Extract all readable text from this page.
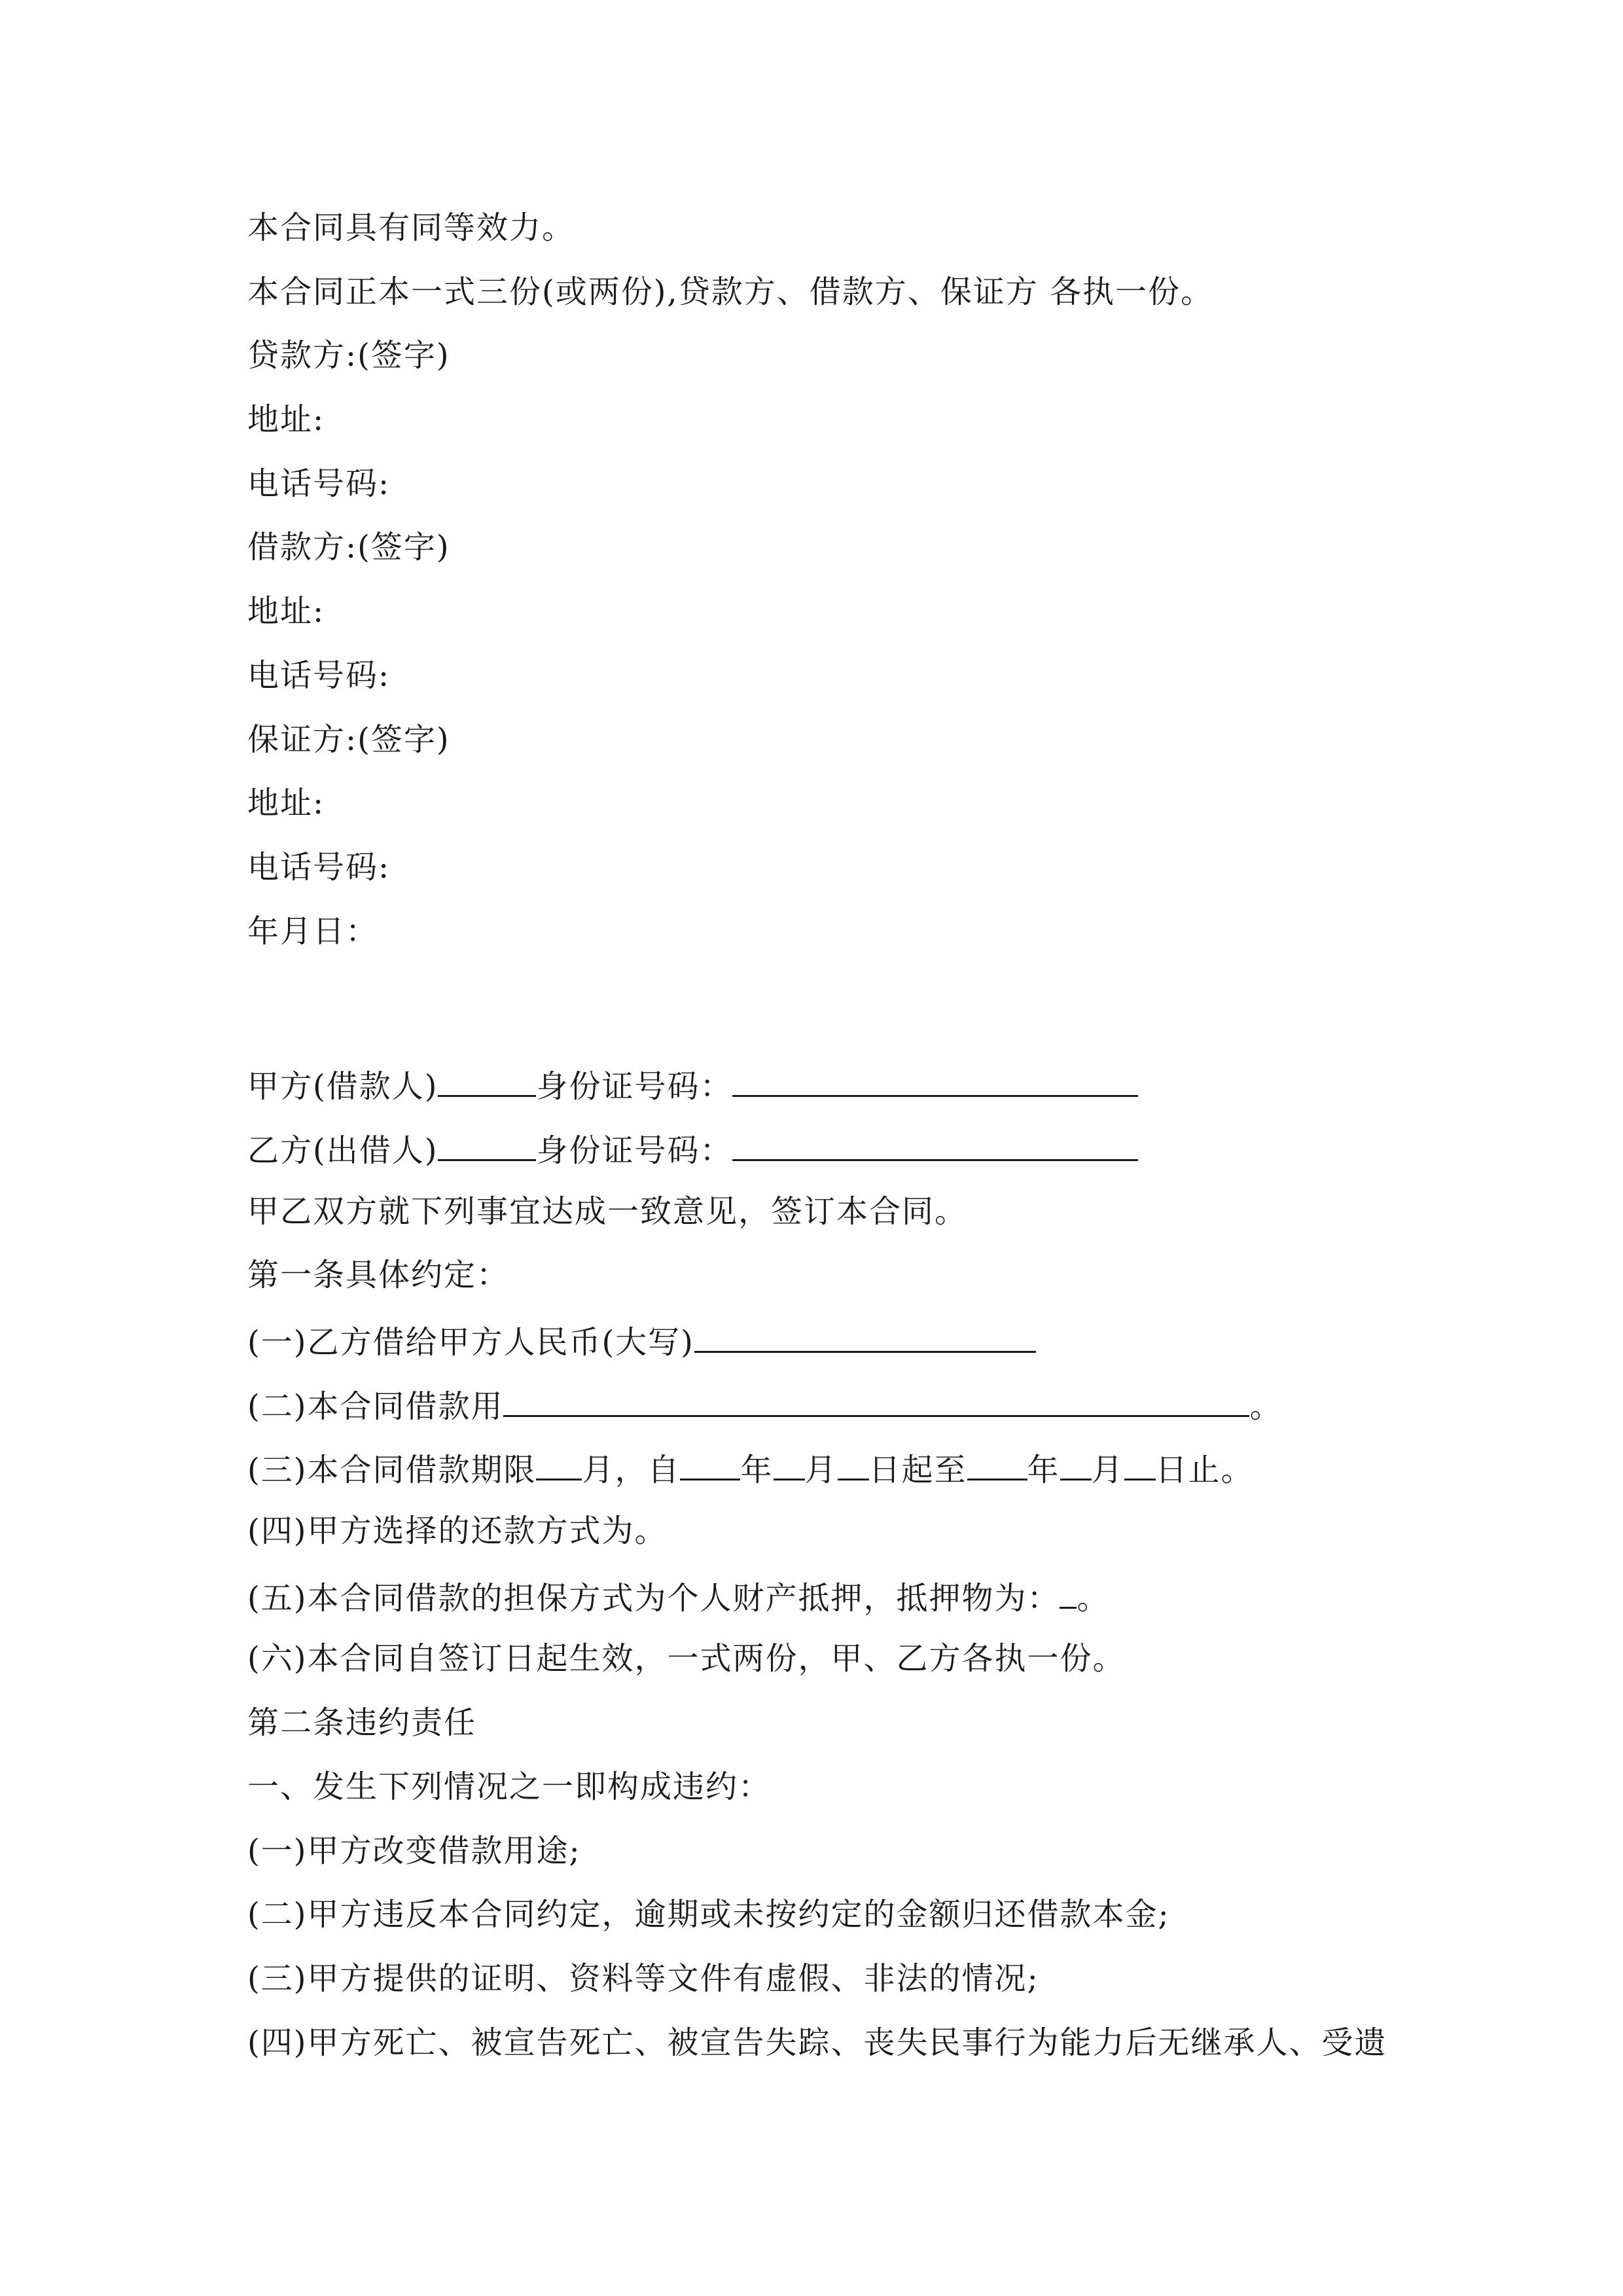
本合同具有同等效力。
本合同正本一式三份(或两份),贷款方、借款方、保证方 各执一份。
贷款方:(签字)
地址:
电话号码:
借款方:(签字)
地址:
电话号码:
保证方:(签字)
地址:
电话号码:
年月日：
甲方(借款人)	身份证号码：
乙方(出借人)	身份证号码：
甲乙双方就下列事宜达成一致意见，签订本合同。
第一条具体约定：
(一)乙方借给甲方人民币(大写)
(二)本合同借款用	。
(三)本合同借款期限 月，自 年 月 日起至 年 月 日止。
(四)甲方选择的还款方式为。
(五)本合同借款的担保方式为个人财产抵押，抵押物为： 。
(六)本合同自签订日起生效，一式两份，甲、乙方各执一份。
第二条违约责任
一、发生下列情况之一即构成违约：
(一)甲方改变借款用途;
(二)甲方违反本合同约定，逾期或未按约定的金额归还借款本金;
(三)甲方提供的证明、资料等文件有虚假、非法的情况;
(四)甲方死亡、被宣告死亡、被宣告失踪、丧失民事行为能力后无继承人、受遗
